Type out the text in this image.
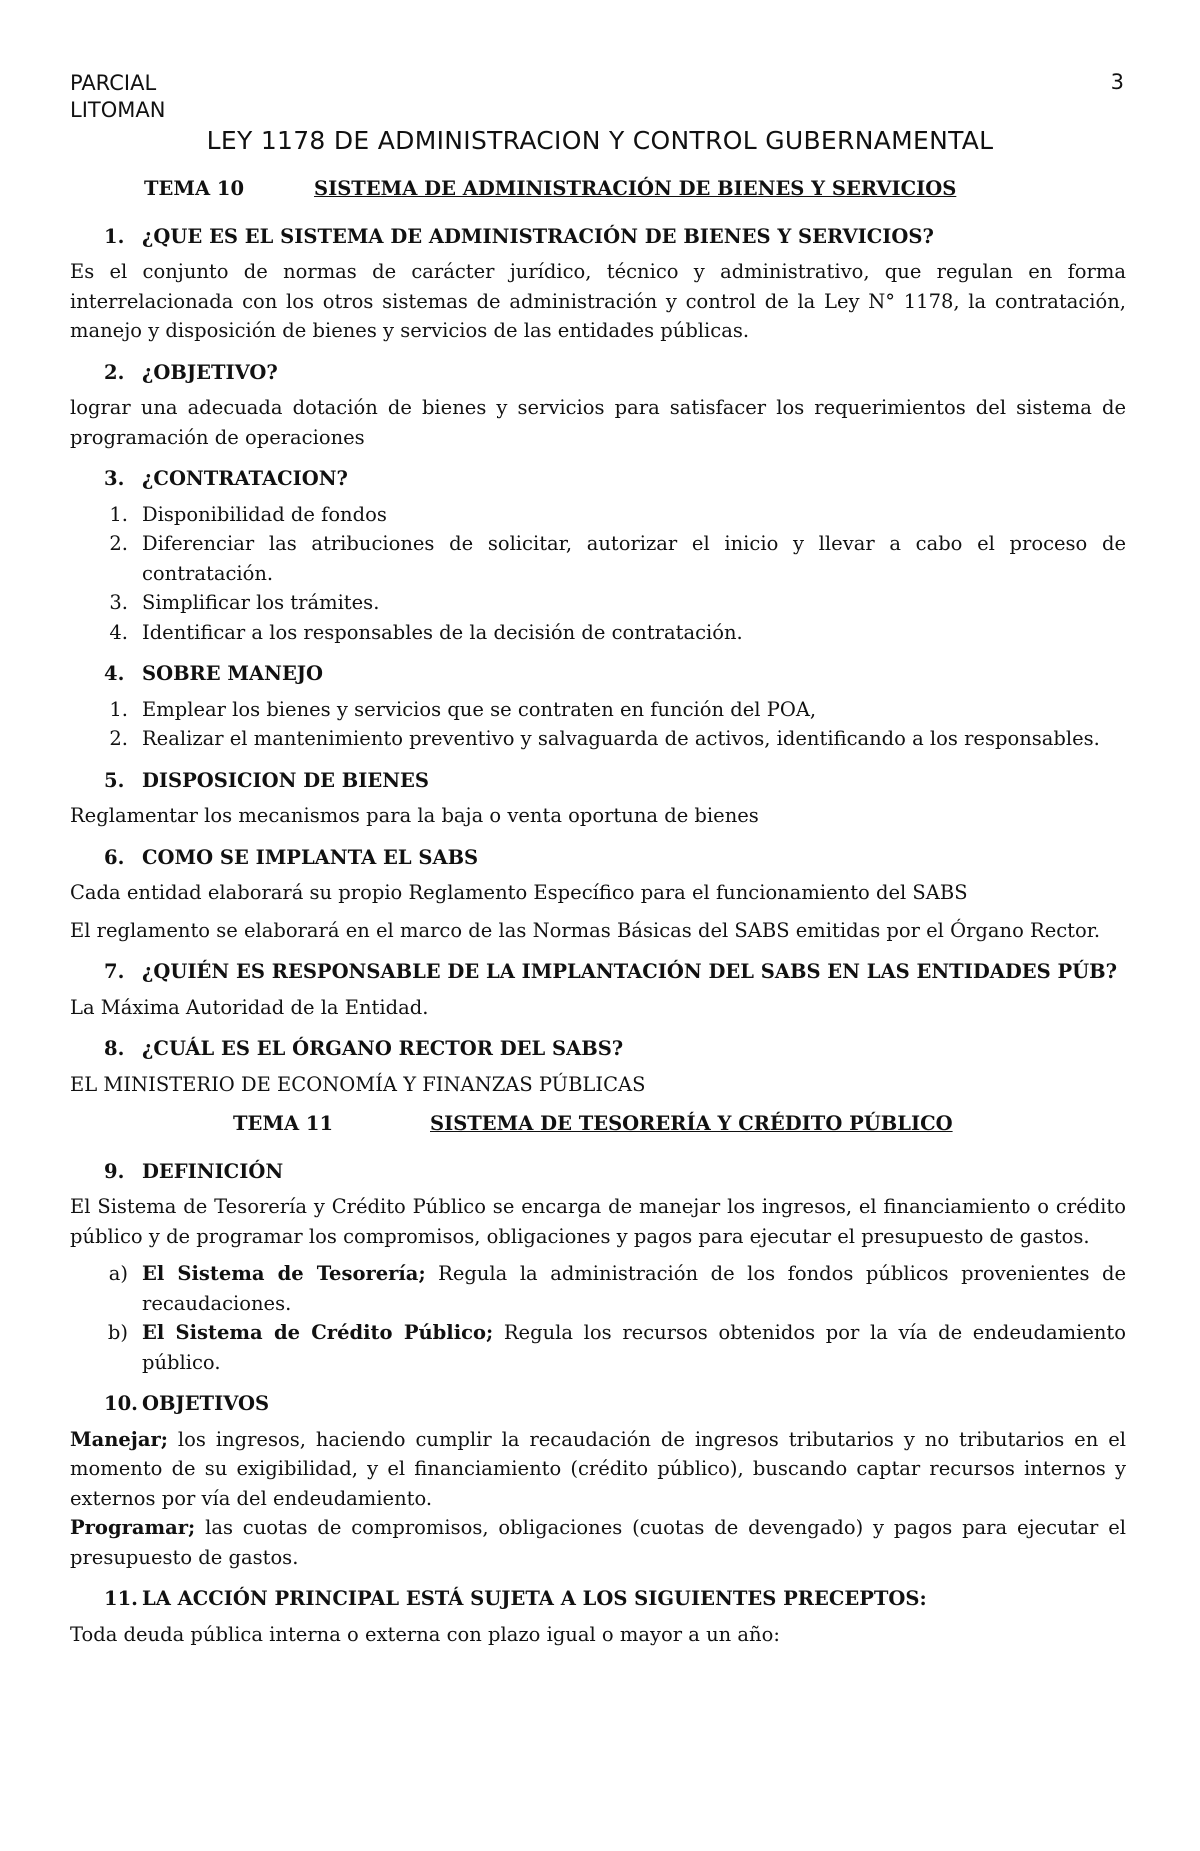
PARCIAL
LITOMAN
3
LEY 1178 DE ADMINISTRACION Y CONTROL GUBERNAMENTAL
TEMA 10	SISTEMA DE ADMINISTRACIÓN DE BIENES Y SERVICIOS
1. ¿QUE ES EL SISTEMA DE ADMINISTRACIÓN DE BIENES Y SERVICIOS?

Es el conjunto de normas de carácter jurídico, técnico y administrativo, que regulan en forma interrelacionada con los otros sistemas de administración y control de la Ley N° 1178, la contratación, manejo y disposición de bienes y servicios de las entidades públicas.

2. ¿OBJETIVO?

lograr una adecuada dotación de bienes y servicios para satisfacer los requerimientos del sistema de programación de operaciones

3. ¿CONTRATACION?
1. Disponibilidad de fondos
2. Diferenciar las atribuciones de solicitar, autorizar el inicio y llevar a cabo el proceso de contratación.
3. Simplificar los trámites.
4. Identificar a los responsables de la decisión de contratación.
4. SOBRE MANEJO
1. Emplear los bienes y servicios que se contraten en función del POA,
2. Realizar el mantenimiento preventivo y salvaguarda de activos, identificando a los responsables.
5. DISPOSICION DE BIENES

Reglamentar los mecanismos para la baja o venta oportuna de bienes

6. COMO SE IMPLANTA EL SABS

Cada entidad elaborará su propio Reglamento Específico para el funcionamiento del SABS

El reglamento se elaborará en el marco de las Normas Básicas del SABS emitidas por el Órgano Rector.

7. ¿QUIÉN ES RESPONSABLE DE LA IMPLANTACIÓN DEL SABS EN LAS ENTIDADES PÚB?

La Máxima Autoridad de la Entidad.

8. ¿CUÁL ES EL ÓRGANO RECTOR DEL SABS?

EL MINISTERIO DE ECONOMÍA Y FINANZAS PÚBLICAS

TEMA 11	SISTEMA DE TESORERÍA Y CRÉDITO PÚBLICO
9. DEFINICIÓN

El Sistema de Tesorería y Crédito Público se encarga de manejar los ingresos, el financiamiento o crédito público y de programar los compromisos, obligaciones y pagos para ejecutar el presupuesto de gastos.

a) El Sistema de Tesorería; Regula la administración de los fondos públicos provenientes de recaudaciones.
b) El Sistema de Crédito Público; Regula los recursos obtenidos por la vía de endeudamiento público.
10. OBJETIVOS

Manejar; los ingresos, haciendo cumplir la recaudación de ingresos tributarios y no tributarios en el momento de su exigibilidad, y el financiamiento (crédito público), buscando captar recursos internos y externos por vía del endeudamiento.

Programar; las cuotas de compromisos, obligaciones (cuotas de devengado) y pagos para ejecutar el presupuesto de gastos.

11. LA ACCIÓN PRINCIPAL ESTÁ SUJETA A LOS SIGUIENTES PRECEPTOS:

Toda deuda pública interna o externa con plazo igual o mayor a un año:
